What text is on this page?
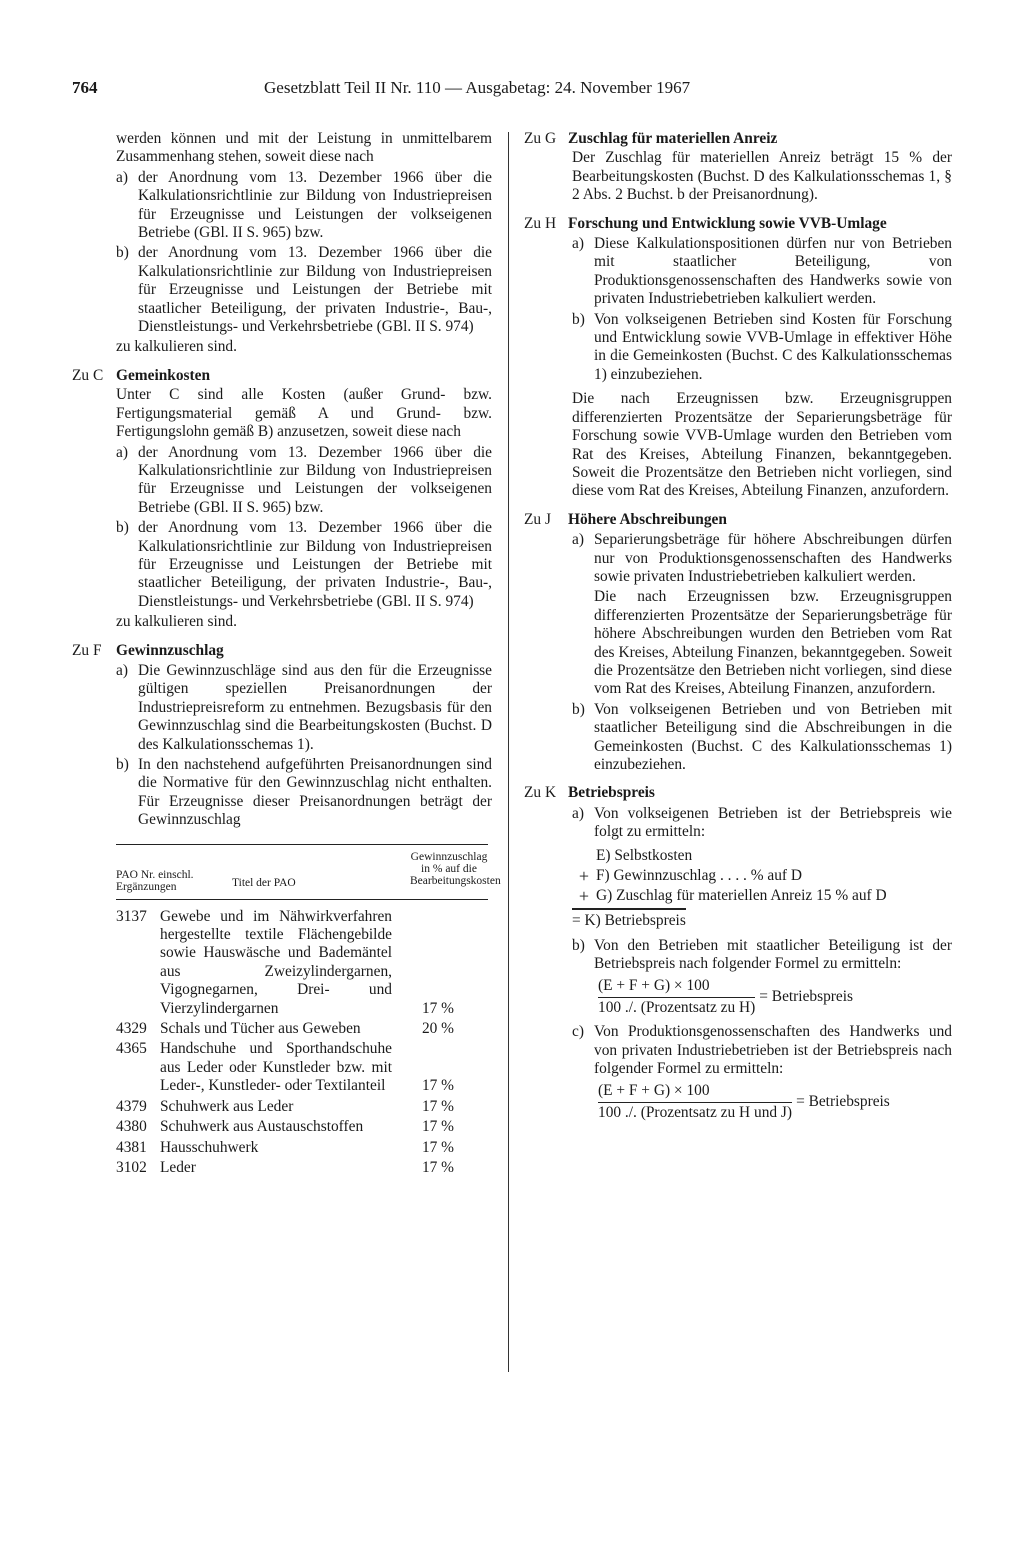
764	Gesetzblatt Teil II Nr. 110 — Ausgabetag: 24. November 1967

werden können und mit der Leistung in unmittelbarem Zusammenhang stehen, soweit diese nach

a) der Anordnung vom 13. Dezember 1966 über die Kalkulationsrichtlinie zur Bildung von Industriepreisen für Erzeugnisse und Leistungen der volkseigenen Betriebe (GBl. II S. 965) bzw.
b) der Anordnung vom 13. Dezember 1966 über die Kalkulationsrichtlinie zur Bildung von Industriepreisen für Erzeugnisse und Leistungen der Betriebe mit staatlicher Beteiligung, der privaten Industrie-, Bau-, Dienstleistungs- und Verkehrsbetriebe (GBl. II S. 974)

zu kalkulieren sind.

Zu C Gemeinkosten

Unter C sind alle Kosten (außer Grund- bzw. Fertigungsmaterial gemäß A und Grund- bzw. Fertigungslohn gemäß B) anzusetzen, soweit diese nach

a) der Anordnung vom 13. Dezember 1966 über die Kalkulationsrichtlinie zur Bildung von Industriepreisen für Erzeugnisse und Leistungen der volkseigenen Betriebe (GBl. II S. 965) bzw.
b) der Anordnung vom 13. Dezember 1966 über die Kalkulationsrichtlinie zur Bildung von Industriepreisen für Erzeugnisse und Leistungen der Betriebe mit staatlicher Beteiligung, der privaten Industrie-, Bau-, Dienstleistungs- und Verkehrsbetriebe (GBl. II S. 974)

zu kalkulieren sind.

Zu F Gewinnzuschlag
a) Die Gewinnzuschläge sind aus den für die Erzeugnisse gültigen speziellen Preisanordnungen der Industriepreisreform zu entnehmen. Bezugsbasis für den Gewinnzuschlag sind die Bearbeitungskosten (Buchst. D des Kalkulationsschemas 1).
b) In den nachstehend aufgeführten Preisanordnungen sind die Normative für den Gewinnzuschlag nicht enthalten. Für Erzeugnisse dieser Preisanordnungen beträgt der Gewinnzuschlag
PAO Nr. einschl. Ergänzungen	Titel der PAO
Gewinnzuschlag in % auf die Bearbeitungskosten
3137 Gewebe und im Nähwirkverfahren hergestellte textile Flächengebilde sowie Hauswäsche und Bademäntel aus Zweizylindergarnen, Vigognegarnen, Drei- und Vierzylindergarnen	17 %
4329 Schals und Tücher aus Geweben	20 %
4365 Handschuhe und Sporthandschuhe aus Leder oder Kunstleder bzw. mit Leder-, Kunstleder- oder Textilanteil	17 %
4379 Schuhwerk aus Leder	17 %
4380 Schuhwerk aus Austauschstoffen	17 %
4381 Hausschuhwerk	17 %
3102 Leder	17 %
Zu G Zuschlag für materiellen Anreiz

Der Zuschlag für materiellen Anreiz beträgt 15 % der Bearbeitungskosten (Buchst. D des Kalkulationsschemas 1, § 2 Abs. 2 Buchst. b der Preisanordnung).

Zu H Forschung und Entwicklung sowie VVB-Umlage
a) Diese Kalkulationspositionen dürfen nur von Betrieben mit staatlicher Beteiligung, von Produktionsgenossenschaften des Handwerks sowie von privaten Industriebetrieben kalkuliert werden.
b) Von volkseigenen Betrieben sind Kosten für Forschung und Entwicklung sowie VVB-Umlage in effektiver Höhe in die Gemeinkosten (Buchst. C des Kalkulationsschemas 1) einzubeziehen.

Die nach Erzeugnissen bzw. Erzeugnisgruppen differenzierten Prozentsätze der Separierungsbeträge für Forschung sowie VVB-Umlage wurden den Betrieben vom Rat des Kreises, Abteilung Finanzen, bekanntgegeben. Soweit die Prozentsätze den Betrieben nicht vorliegen, sind diese vom Rat des Kreises, Abteilung Finanzen, anzufordern.

Zu J	Höhere Abschreibungen
a) Separierungsbeträge für höhere Abschreibungen dürfen nur von Produktionsgenossenschaften des Handwerks sowie privaten Industriebetrieben kalkuliert werden.

Die nach Erzeugnissen bzw. Erzeugnisgruppen differenzierten Prozentsätze der Separierungsbeträge für höhere Abschreibungen wurden den Betrieben vom Rat des Kreises, Abteilung Finanzen, bekanntgegeben. Soweit die Prozentsätze den Betrieben nicht vorliegen, sind diese vom Rat des Kreises, Abteilung Finanzen, anzufordern.

b) Von volkseigenen Betrieben und von Betrieben mit staatlicher Beteiligung sind die Abschreibungen in die Gemeinkosten (Buchst. C des Kalkulationsschemas 1) einzubeziehen.
Zu K Betriebspreis
a) Von volkseigenen Betrieben ist der Betriebspreis wie folgt zu ermitteln:
E) Selbstkosten
+ F) Gewinnzuschlag . . . . % auf D
+ G) Zuschlag für materiellen Anreiz 15 % auf D
= K) Betriebspreis
b) Von den Betrieben mit staatlicher Beteiligung ist der Betriebspreis nach folgender Formel zu ermitteln:
$\frac{(E + F + G) \times 100}{\text{100 ./. (Prozentsatz zu H)}}$ = Betriebspreis
c) Von Produktionsgenossenschaften des Handwerks und von privaten Industriebetrieben ist der Betriebspreis nach folgender Formel zu ermitteln:
$\frac{(E + F + G) \times 100}{\text{100 ./. (Prozentsatz zu H und J)}}$ = Betriebspreis
